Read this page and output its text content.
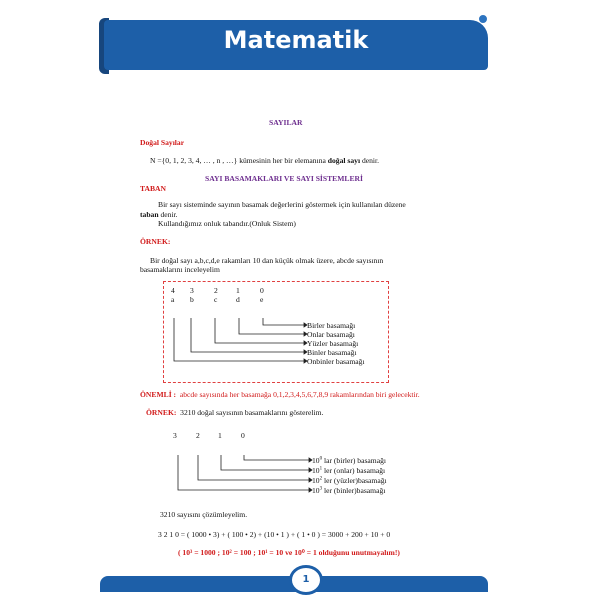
Matematik
SAYILAR
Doğal Sayılar
N ={0, 1, 2, 3, 4, … , n , …} kümesinin her bir elemanına doğal sayı denir.
SAYI BASAMAKLARI VE SAYI SİSTEMLERİ
TABAN
Bir sayı sisteminde sayının basamak değerlerini göstermek için kullanılan düzene
taban denir.
Kullandığımız onluk tabandır.(Onluk Sistem)
ÖRNEK:
Bir doğal sayı a,b,c,d,e rakamları 10 dan küçük olmak üzere, abcde sayısının
basamaklarını inceleyelim
4 3	2 1	0
a b	c d	e
Birler basamağı
Onlar basamağı
Yüzler basamağı
Binler basamağı
Onbinler basamağı
ÖNEMLİ : abcde sayısında her basamağa 0,1,2,3,4,5,6,7,8,9 rakamlarından biri gelecektir.
ÖRNEK: 3210 doğal sayısının basamaklarını gösterelim.
3	2 1	0
$10^0$ lar (birler) basamağı
$10^1$ ler (onlar) basamağı
$10^2$ ler (yüzler)basamağı
$10^3$ ler (binler)basamağı
3210 sayısını çözümleyelim.
3 2 1 0 = ( 1000 • 3) + ( 100 • 2) + (10 • 1 ) + ( 1 • 0 ) = 3000 + 200 + 10 + 0
( 10³ = 1000 ; 10² = 100 ; 10¹ = 10 ve 10⁰ = 1 olduğunu unutmayalım!)
1
